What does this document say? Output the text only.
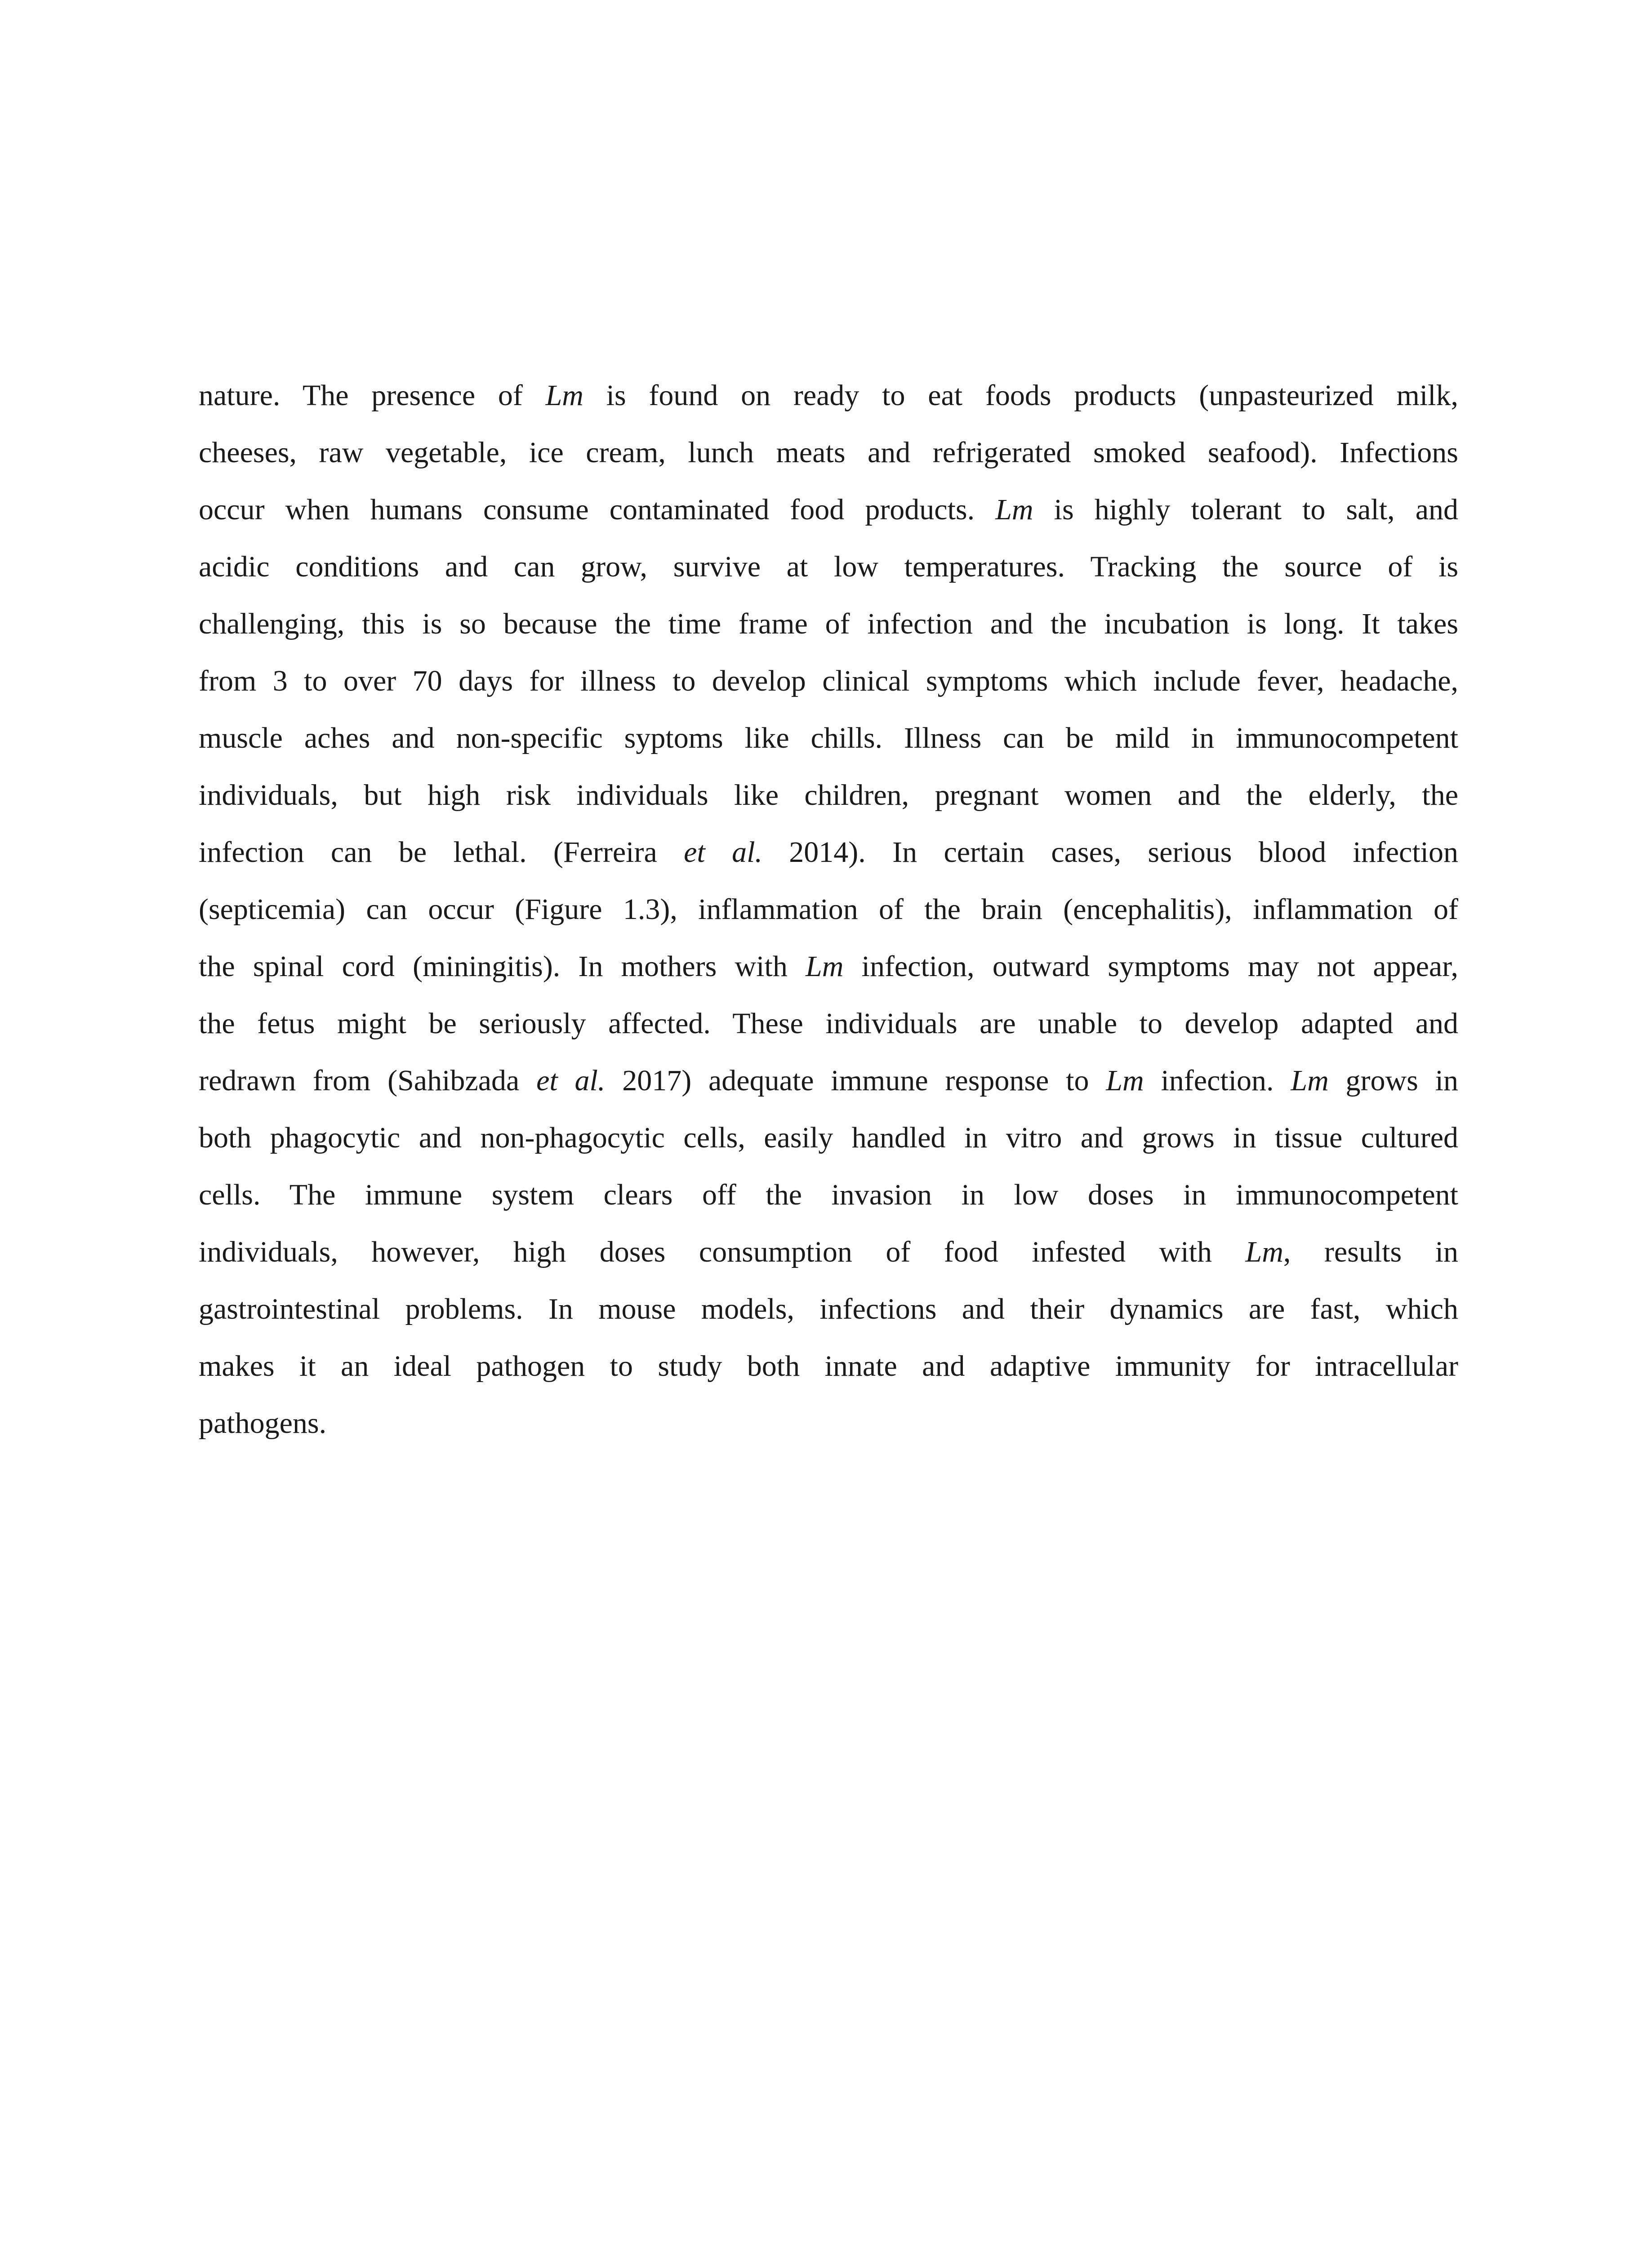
nature. The presence of Lm is found on ready to eat foods products (unpasteurized milk,
cheeses, raw vegetable, ice cream, lunch meats and refrigerated smoked seafood). Infections
occur when humans consume contaminated food products. Lm is highly tolerant to salt, and
acidic conditions and can grow, survive at low temperatures. Tracking the source of is
challenging, this is so because the time frame of infection and the incubation is long. It takes
from 3 to over 70 days for illness to develop clinical symptoms which include fever, headache,
muscle aches and non-specific syptoms like chills. Illness can be mild in immunocompetent
individuals, but high risk individuals like children, pregnant women and the elderly, the
infection can be lethal. (Ferreira et al. 2014). In certain cases, serious blood infection
(septicemia) can occur (Figure 1.3), inflammation of the brain (encephalitis), inflammation of
the spinal cord (miningitis). In mothers with Lm infection, outward symptoms may not appear,
the fetus might be seriously affected. These individuals are unable to develop adapted and
redrawn from (Sahibzada et al. 2017) adequate immune response to Lm infection. Lm grows in
both phagocytic and non-phagocytic cells, easily handled in vitro and grows in tissue cultured
cells. The immune system clears off the invasion in low doses in immunocompetent
individuals, however, high doses consumption of food infested with Lm, results in
gastrointestinal problems. In mouse models, infections and their dynamics are fast, which
makes it an ideal pathogen to study both innate and adaptive immunity for intracellular
pathogens.
